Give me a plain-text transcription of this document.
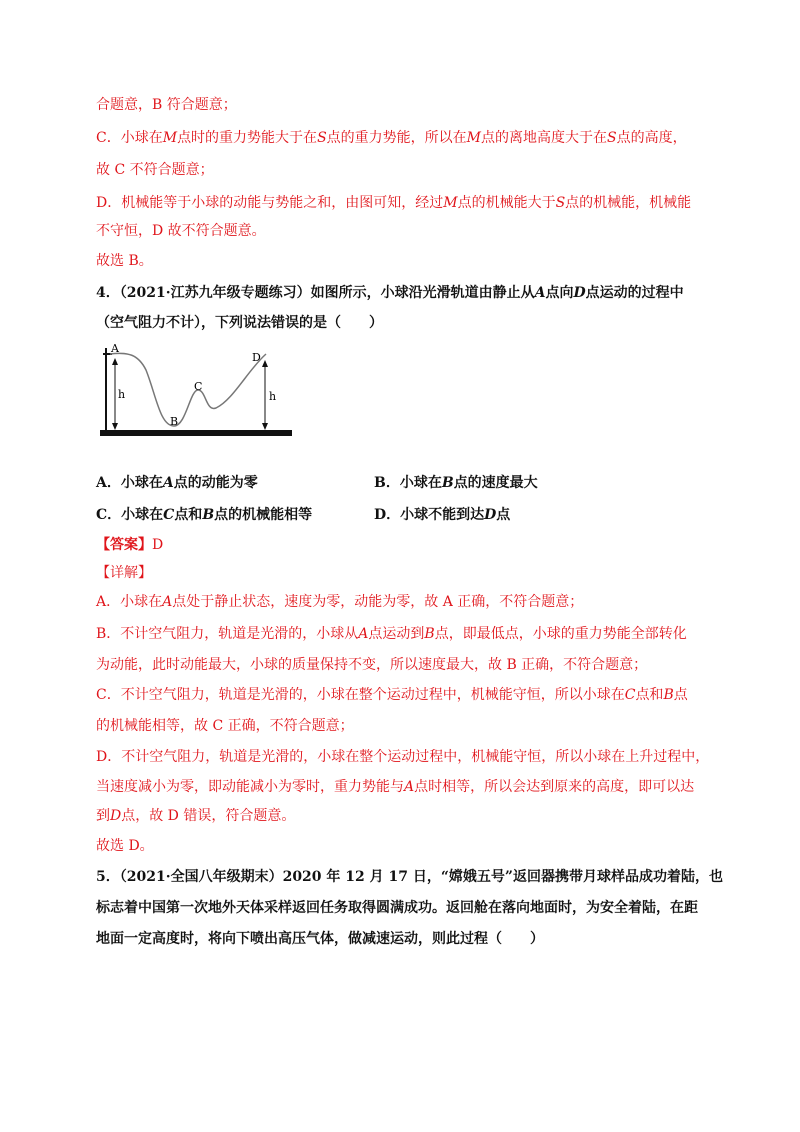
合题意，B 符合题意；
C．小球在M点时的重力势能大于在S点的重力势能，所以在M点的离地高度大于在S点的高度，
故 C 不符合题意；
D．机械能等于小球的动能与势能之和，由图可知，经过M点的机械能大于S点的机械能，机械能
不守恒，D 故不符合题意。
故选 B。
4．（2021·江苏九年级专题练习）如图所示，小球沿光滑轨道由静止从A点向D点运动的过程中
（空气阻力不计），下列说法错误的是（　　）
A
B
C
D
h	h
A．小球在A点的动能为零	B．小球在B点的速度最大
C．小球在C点和B点的机械能相等	D．小球不能到达D点
【答案】D
【详解】
A．小球在A点处于静止状态，速度为零，动能为零，故 A 正确，不符合题意；
B．不计空气阻力，轨道是光滑的，小球从A点运动到B点，即最低点，小球的重力势能全部转化
为动能，此时动能最大，小球的质量保持不变，所以速度最大，故 B 正确，不符合题意；
C．不计空气阻力，轨道是光滑的，小球在整个运动过程中，机械能守恒，所以小球在C点和B点
的机械能相等，故 C 正确，不符合题意；
D．不计空气阻力，轨道是光滑的，小球在整个运动过程中，机械能守恒，所以小球在上升过程中，
当速度减小为零，即动能减小为零时，重力势能与A点时相等，所以会达到原来的高度，即可以达
到D点，故 D 错误，符合题意。
故选 D。
5．（2021·全国八年级期末）2020 年 12 月 17 日，“嫦娥五号”返回器携带月球样品成功着陆，也
标志着中国第一次地外天体采样返回任务取得圆满成功。返回舱在落向地面时，为安全着陆，在距
地面一定高度时，将向下喷出高压气体，做减速运动，则此过程（　　）
